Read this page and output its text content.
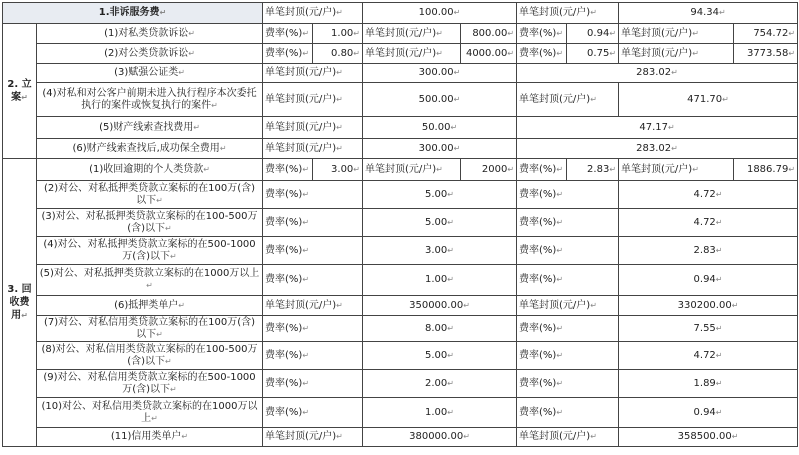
1.非诉服务费↵		单笔封顶(元/户)↵		100.00↵		单笔封顶(元/户)↵		94.34↵	
2. 立案↵	(1)对私类贷款诉讼↵	费率(%)↵	1.00↵	单笔封顶(元/户)↵	800.00↵	费率(%)↵	0.94↵	单笔封顶(元/户)↵	754.72↵
	(2)对公类贷款诉讼↵	费率(%)↵	0.80↵	单笔封顶(元/户)↵	4000.00↵	费率(%)↵	0.75↵	单笔封顶(元/户)↵	3773.58↵
	(3)赋强公证类↵	单笔封顶(元/户)↵		300.00↵		283.02↵			
	(4)对私和对公客户前期未进入执行程序本次委托执行的案件或恢复执行的案件↵	单笔封顶(元/户)↵		500.00↵		单笔封顶(元/户)↵		471.70↵	
	(5)财产线索查找费用↵	单笔封顶(元/户)↵		50.00↵		47.17↵			
	(6)财产线索查找后,成功保全费用↵	单笔封顶(元/户)↵		300.00↵		283.02↵			
3. 回收费用↵	(1)收回逾期的个人类贷款↵	费率(%)↵	3.00↵	单笔封顶(元/户)↵	2000↵	费率(%)↵	2.83↵	单笔封顶(元/户)↵	1886.79↵
	(2)对公、对私抵押类贷款立案标的在100万(含)以下↵	费率(%)↵		5.00↵		费率(%)↵		4.72↵	
	(3)对公、对私抵押类贷款立案标的在100-500万(含)以下↵	费率(%)↵		5.00↵		费率(%)↵		4.72↵	
	(4)对公、对私抵押类贷款立案标的在500-1000万(含)以下↵	费率(%)↵		3.00↵		费率(%)↵		2.83↵	
	(5)对公、对私抵押类贷款立案标的在1000万以上↵	费率(%)↵		1.00↵		费率(%)↵		0.94↵	
	(6)抵押类单户↵	单笔封顶(元/户)↵		350000.00↵		单笔封顶(元/户)↵		330200.00↵	
	(7)对公、对私信用类贷款立案标的在100万(含)以下↵	费率(%)↵		8.00↵		费率(%)↵		7.55↵	
	(8)对公、对私信用类贷款立案标的在100-500万(含)以下↵	费率(%)↵		5.00↵		费率(%)↵		4.72↵	
	(9)对公、对私信用类贷款立案标的在500-1000万(含)以下↵	费率(%)↵		2.00↵		费率(%)↵		1.89↵	
	(10)对公、对私信用类贷款立案标的在1000万以上↵	费率(%)↵		1.00↵		费率(%)↵		0.94↵	
	(11)信用类单户↵	单笔封顶(元/户)↵		380000.00↵		单笔封顶(元/户)↵		358500.00↵	
